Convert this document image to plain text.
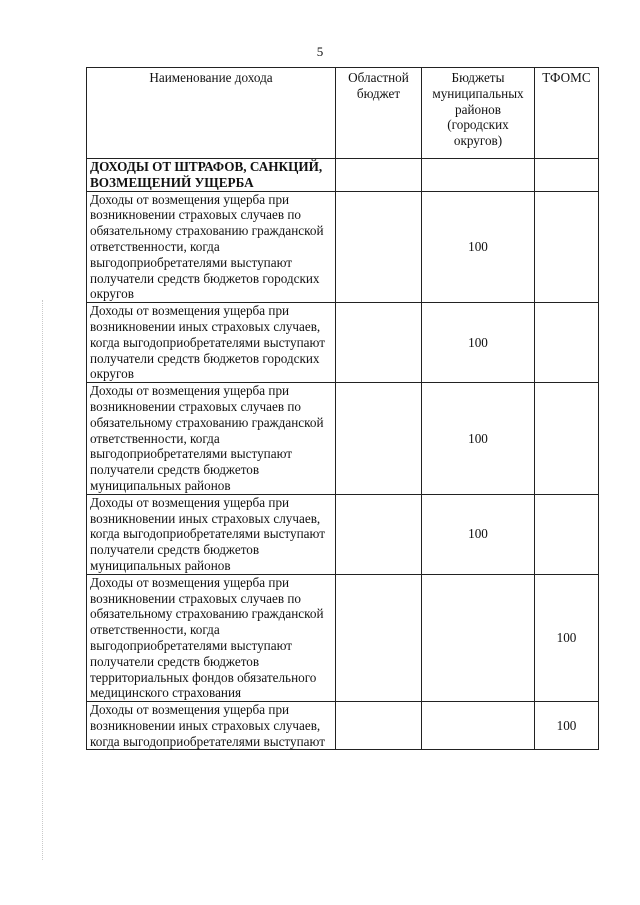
5
Наименование дохода	Областной бюджет	Бюджеты муниципальных районов (городских округов)	ТФОМС
ДОХОДЫ ОТ ШТРАФОВ, САНКЦИЙ, ВОЗМЕЩЕНИЙ УЩЕРБА			
Доходы от возмещения ущерба при возникновении страховых случаев по обязательному страхованию гражданской ответственности, когда выгодоприобретателями выступают получатели средств бюджетов городских округов		100	
Доходы от возмещения ущерба при возникновении иных страховых случаев, когда выгодоприобретателями выступают получатели средств бюджетов городских округов		100	
Доходы от возмещения ущерба при возникновении страховых случаев по обязательному страхованию гражданской ответственности, когда выгодоприобретателями выступают получатели средств бюджетов муниципальных районов		100	
Доходы от возмещения ущерба при возникновении иных страховых случаев, когда выгодоприобретателями выступают получатели средств бюджетов муниципальных районов		100	
Доходы от возмещения ущерба при возникновении страховых случаев по обязательному страхованию гражданской ответственности, когда выгодоприобретателями выступают получатели средств бюджетов территориальных фондов обязательного медицинского страхования			100
Доходы от возмещения ущерба при возникновении иных страховых случаев, когда выгодоприобретателями выступают			100
